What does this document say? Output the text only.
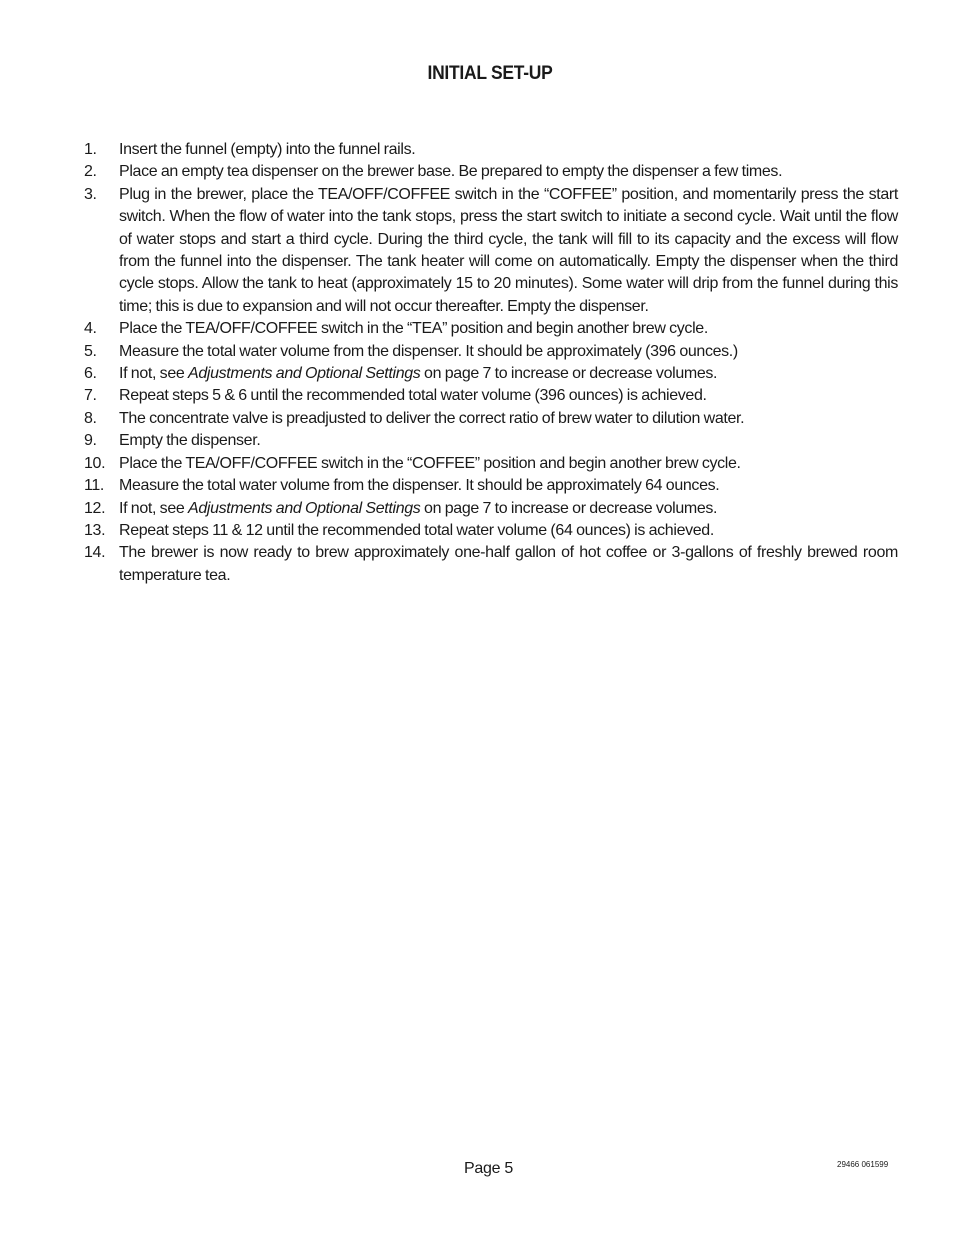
INITIAL SET-UP
1.	Insert the funnel (empty) into the funnel rails.
2.	Place an empty tea dispenser on the brewer base. Be prepared to empty the dispenser a few times.
3.	Plug in the brewer, place the TEA/OFF/COFFEE switch in the “COFFEE” position, and momentarily press the start switch. When the flow of water into the tank stops, press the start switch to initiate a second cycle. Wait until the flow of water stops and start a third cycle. During the third cycle, the tank will fill to its capacity and the excess will flow from the funnel into the dispenser. The tank heater will come on automatically. Empty the dispenser when the third cycle stops. Allow the tank to heat (approximately 15 to 20 minutes). Some water will drip from the funnel during this time; this is due to expansion and will not occur thereafter. Empty the dispenser.
4.	Place the TEA/OFF/COFFEE switch in the “TEA” position and begin another brew cycle.
5.	Measure the total water volume from the dispenser. It should be approximately (396 ounces.)
6.	If not, see Adjustments and Optional Settings on page 7 to increase or decrease volumes.
7.	Repeat steps 5 & 6 until the recommended total water volume (396 ounces) is achieved.
8.	The concentrate valve is preadjusted to deliver the correct ratio of brew water to dilution water.
9.	Empty the dispenser.
10. Place the TEA/OFF/COFFEE switch in the “COFFEE” position and begin another brew cycle.
11. Measure the total water volume from the dispenser. It should be approximately 64 ounces.
12. If not, see Adjustments and Optional Settings on page 7 to increase or decrease volumes.
13. Repeat steps 11 & 12 until the recommended total water volume (64 ounces) is achieved.
14. The brewer is now ready to brew approximately one-half gallon of hot coffee or 3-gallons of freshly brewed room temperature tea.
Page 5	29466 061599
